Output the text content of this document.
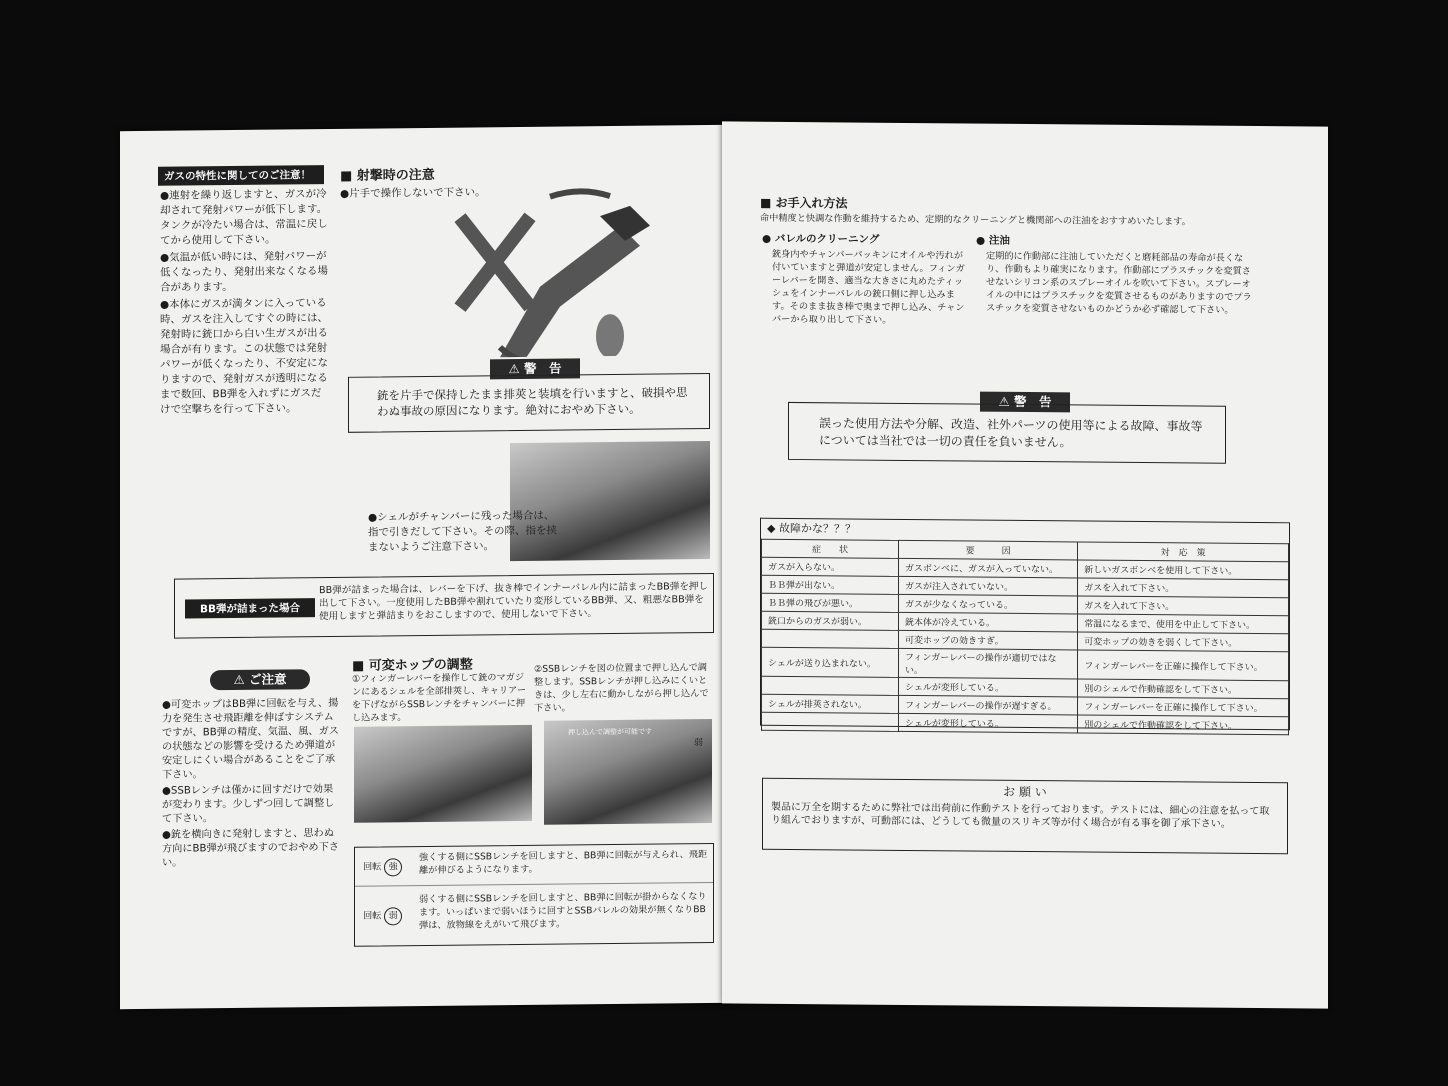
ガスの特性に関してのご注意！
●連射を繰り返しますと、ガスが冷却されて発射パワーが低下します。タンクが冷たい場合は、常温に戻してから使用して下さい。
●気温が低い時には、発射パワーが低くなったり、発射出来なくなる場合があります。
●本体にガスが満タンに入っている時、ガスを注入してすぐの時には、発射時に銃口から白い生ガスが出る場合が有ります。この状態では発射パワーが低くなったり、不安定になりますので、発射ガスが透明になるまで数回、BB弾を入れずにガスだけで空撃ちを行って下さい。
■ 射撃時の注意
●片手で操作しないで下さい。
⚠ 警　告
銃を片手で保持したまま排莢と装填を行いますと、破損や思わぬ事故の原因になります。絶対におやめ下さい。
●シェルがチャンバーに残った場合は、指で引きだして下さい。その際、指を挟まないようご注意下さい。
BB弾が詰まった場合
BB弾が詰まった場合は、レバーを下げ、抜き棒でインナーバレル内に詰まったBB弾を押し出して下さい。一度使用したBB弾や割れていたり変形しているBB弾、又、粗悪なBB弾を使用しますと弾詰まりをおこしますので、使用しないで下さい。
⚠ ご注意
●可変ホップはBB弾に回転を与え、揚力を発生させ飛距離を伸ばすシステムですが、BB弾の精度、気温、風、ガスの状態などの影響を受けるため弾道が安定しにくい場合があることをご了承下さい。
●SSBレンチは僅かに回すだけで効果が変わります。少しずつ回して調整して下さい。
●銃を横向きに発射しますと、思わぬ方向にBB弾が飛びますのでおやめ下さい。
■ 可変ホップの調整
①フィンガーレバーを操作して銃のマガジンにあるシェルを全部排莢し、キャリアーを下げながらSSBレンチをチャンバーに押し込みます。
②SSBレンチを図の位置まで押し込んで調整します。SSBレンチが押し込みにくいときは、少し左右に動かしながら押し込んで下さい。
押し込んで調整が可能です
弱
回転 強
強くする側にSSBレンチを回しますと、BB弾に回転が与えられ、飛距離が伸びるようになります。
回転 弱
弱くする側にSSBレンチを回しますと、BB弾に回転が掛からなくなります。いっぱいまで弱いほうに回すとSSBバレルの効果が無くなりBB弾は、放物線をえがいて飛びます。
■ お手入れ方法
命中精度と快調な作動を維持するため、定期的なクリーニングと機関部への注油をおすすめいたします。
● バレルのクリーニング
銃身内やチャンバーパッキンにオイルや汚れが付いていますと弾道が安定しません。フィンガーレバーを開き、適当な大きさに丸めたティッシュをインナーバレルの銃口側に押し込みます。そのまま抜き棒で奥まで押し込み、チャンバーから取り出して下さい。
● 注油
定期的に作動部に注油していただくと磨耗部品の寿命が長くなり、作動もより確実になります。作動部にプラスチックを変質させないシリコン系のスプレーオイルを吹いて下さい。スプレーオイルの中にはプラスチックを変質させるものがありますのでプラスチックを変質させないものかどうか必ず確認して下さい。
⚠ 警　告
誤った使用方法や分解、改造、社外パーツの使用等による故障、事故等については当社では一切の責任を負いません。
◆ 故障かな？？？
症　　状	要　　　因	対　応　策
ガスが入らない。	ガスボンベに、ガスが入っていない。	新しいガスボンベを使用して下さい。
ＢＢ弾が出ない。	ガスが注入されていない。	ガスを入れて下さい。
ＢＢ弾の飛びが悪い。	ガスが少なくなっている。	ガスを入れて下さい。
銃口からのガスが弱い。	銃本体が冷えている。	常温になるまで、使用を中止して下さい。
	可変ホップの効きすぎ。	可変ホップの効きを弱くして下さい。
シェルが送り込まれない。	フィンガーレバーの操作が適切ではない。	フィンガーレバーを正確に操作して下さい。
	シェルが変形している。	別のシェルで作動確認をして下さい。
シェルが排莢されない。	フィンガーレバーの操作が遅すぎる。	フィンガーレバーを正確に操作して下さい。
	シェルが変形している。	別のシェルで作動確認をして下さい。
お 願 い
製品に万全を期するために弊社では出荷前に作動テストを行っております。テストには、細心の注意を払って取り組んでおりますが、可動部には、どうしても微量のスリキズ等が付く場合が有る事を御了承下さい。
